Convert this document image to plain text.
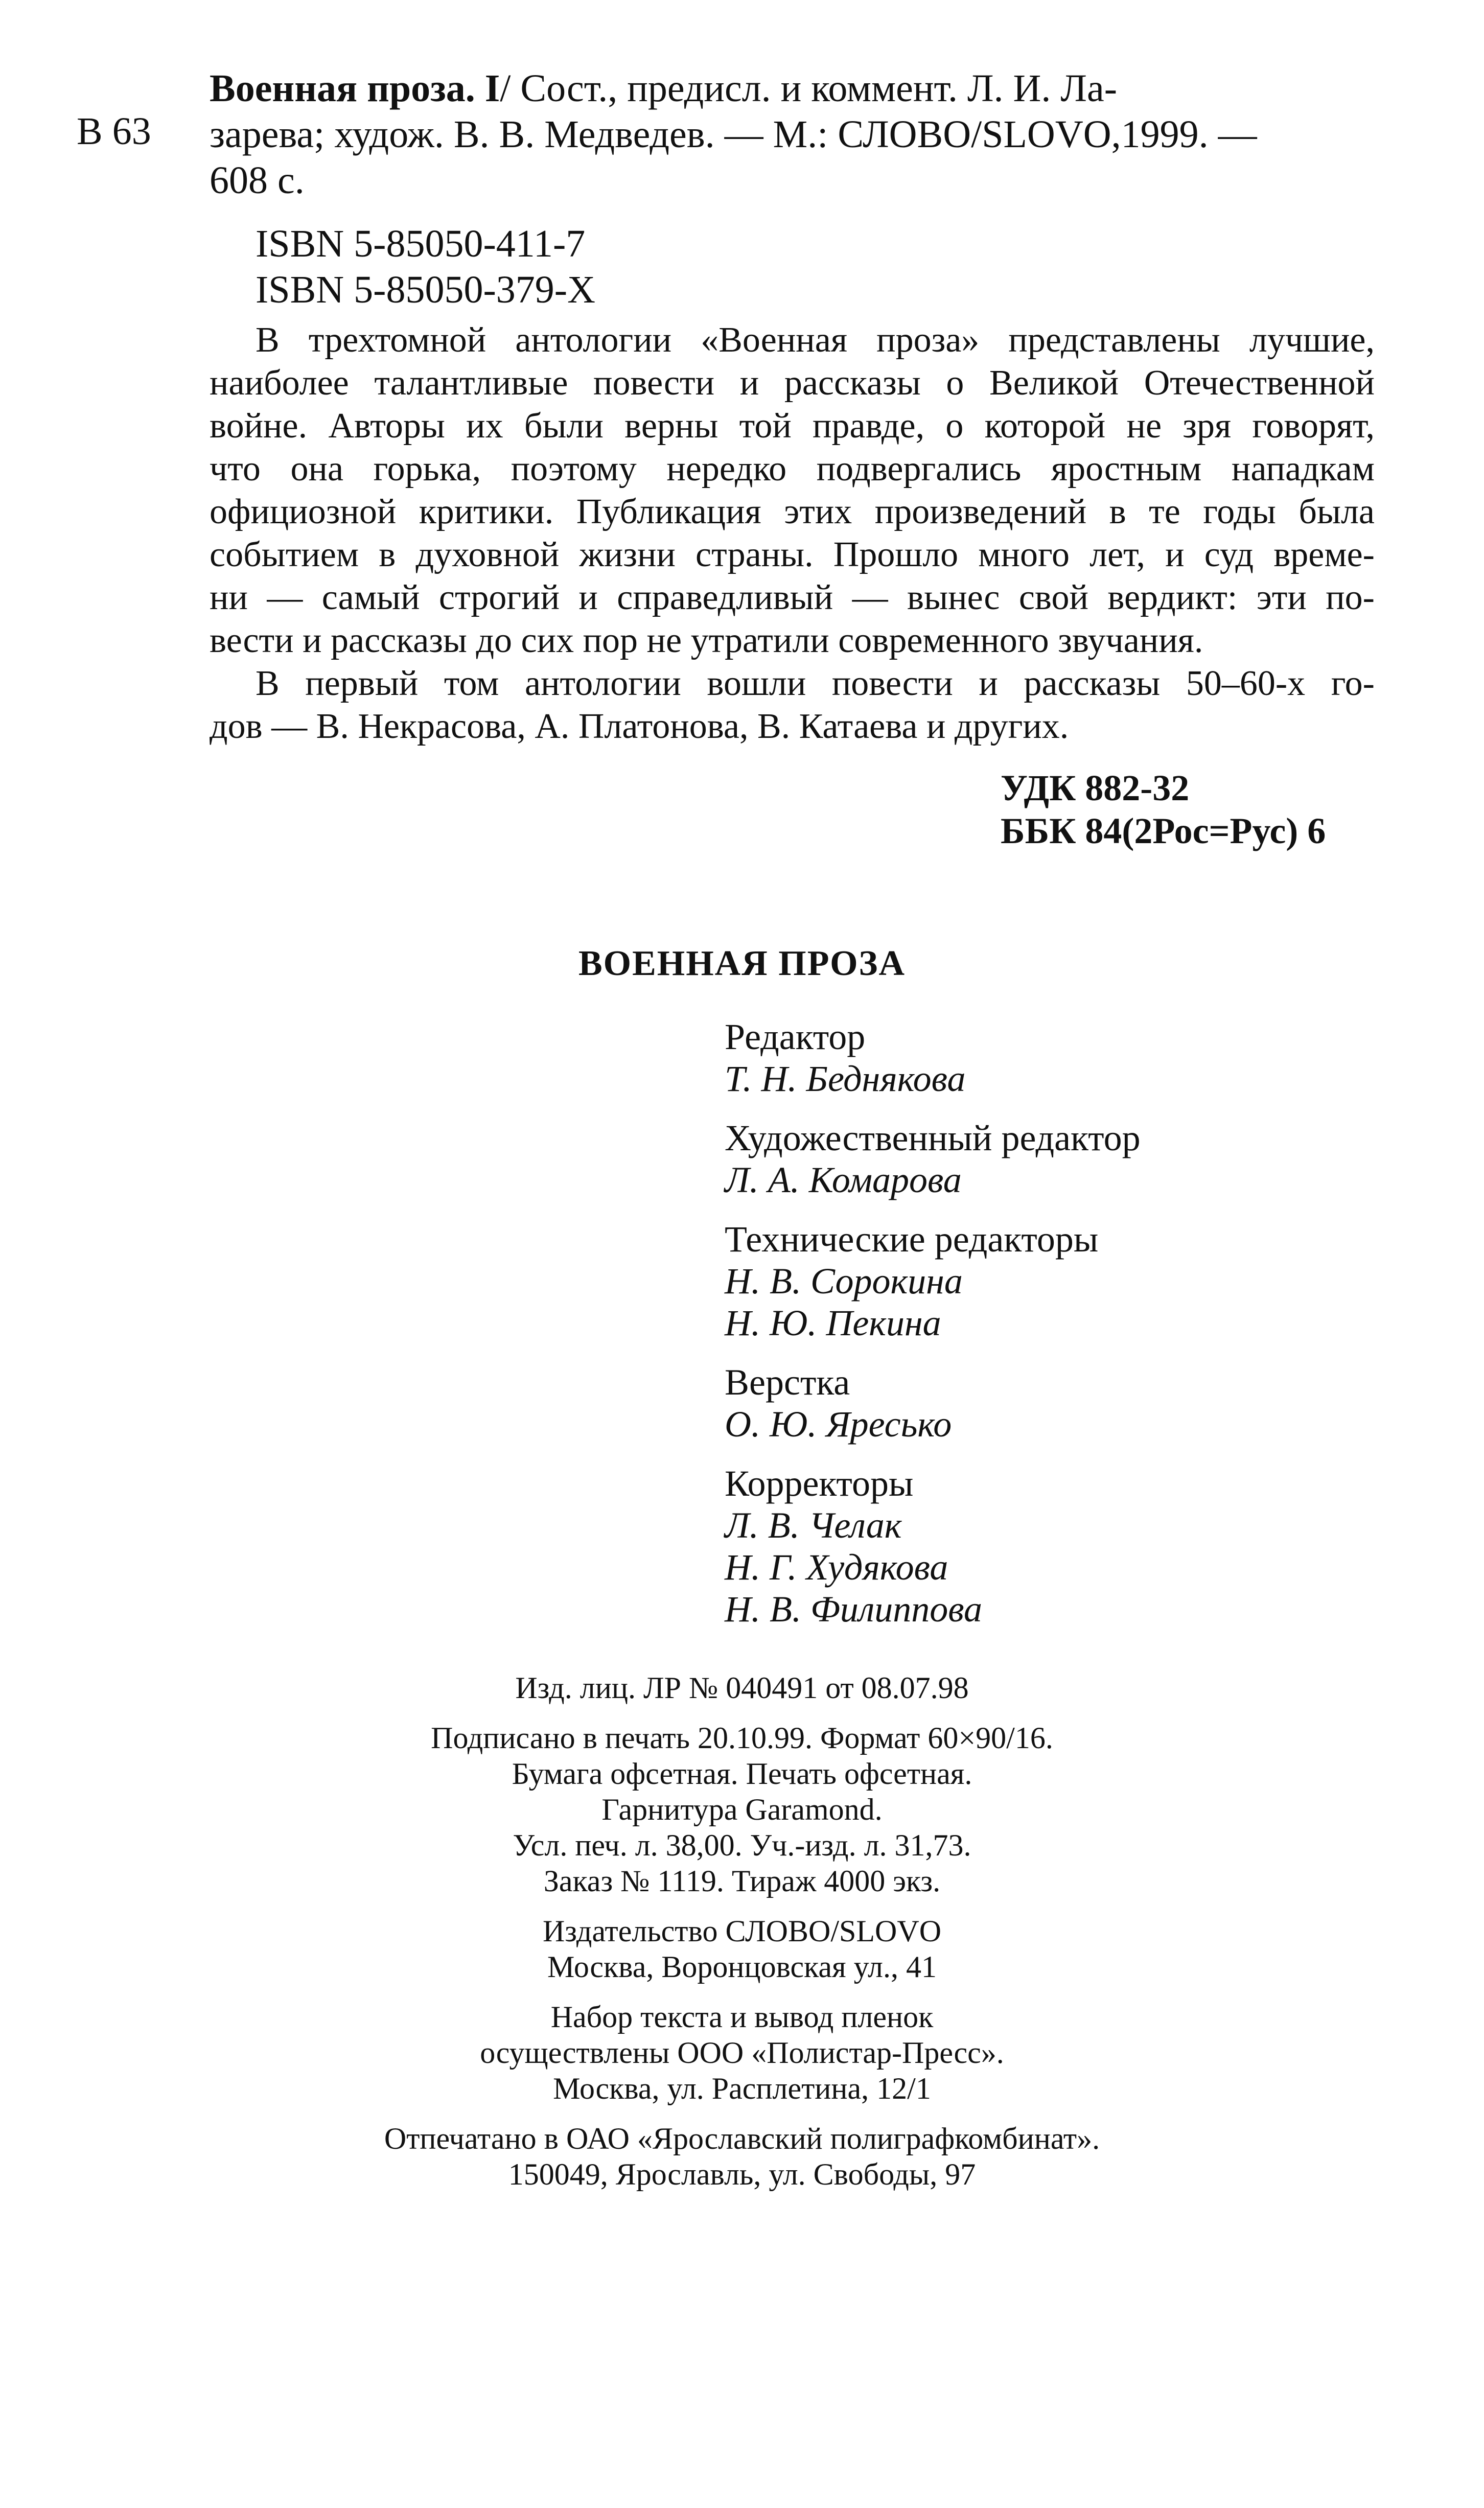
В 63
Военная проза. I/ Сост., предисл. и коммент. Л. И. Ла-
зарева; худож. В. В. Медведев. — М.: СЛОВО/SLOVO,1999. —
608 с.
ISBN 5-85050-411-7
ISBN 5-85050-379-X
В трехтомной антологии «Военная проза» представлены лучшие,
наиболее талантливые повести и рассказы о Великой Отечественной
войне. Авторы их были верны той правде, о которой не зря говорят,
что она горька, поэтому нередко подвергались яростным нападкам
официозной критики. Публикация этих произведений в те годы была
событием в духовной жизни страны. Прошло много лет, и суд време-
ни — самый строгий и справедливый — вынес свой вердикт: эти по-
вести и рассказы до сих пор не утратили современного звучания.
В первый том антологии вошли повести и рассказы 50–60-х го-
дов — В. Некрасова, А. Платонова, В. Катаева и других.
УДК 882-32
ББК 84(2Рос=Рус) 6
ВОЕННАЯ ПРОЗА
Редактор
Т. Н. Беднякова
Художественный редактор
Л. А. Комарова
Технические редакторы
Н. В. Сорокина
Н. Ю. Пекина
Верстка
О. Ю. Яресько
Корректоры
Л. В. Челак
Н. Г. Худякова
Н. В. Филиппова
Изд. лиц. ЛР № 040491 от 08.07.98
Подписано в печать 20.10.99. Формат 60×90/16.
Бумага офсетная. Печать офсетная.
Гарнитура Garamond.
Усл. печ. л. 38,00. Уч.-изд. л. 31,73.
Заказ № 1119. Тираж 4000 экз.
Издательство СЛОВО/SLOVO
Москва, Воронцовская ул., 41
Набор текста и вывод пленок
осуществлены ООО «Полистар-Пресс».
Москва, ул. Расплетина, 12/1
Отпечатано в ОАО «Ярославский полиграфкомбинат».
150049, Ярославль, ул. Свободы, 97
